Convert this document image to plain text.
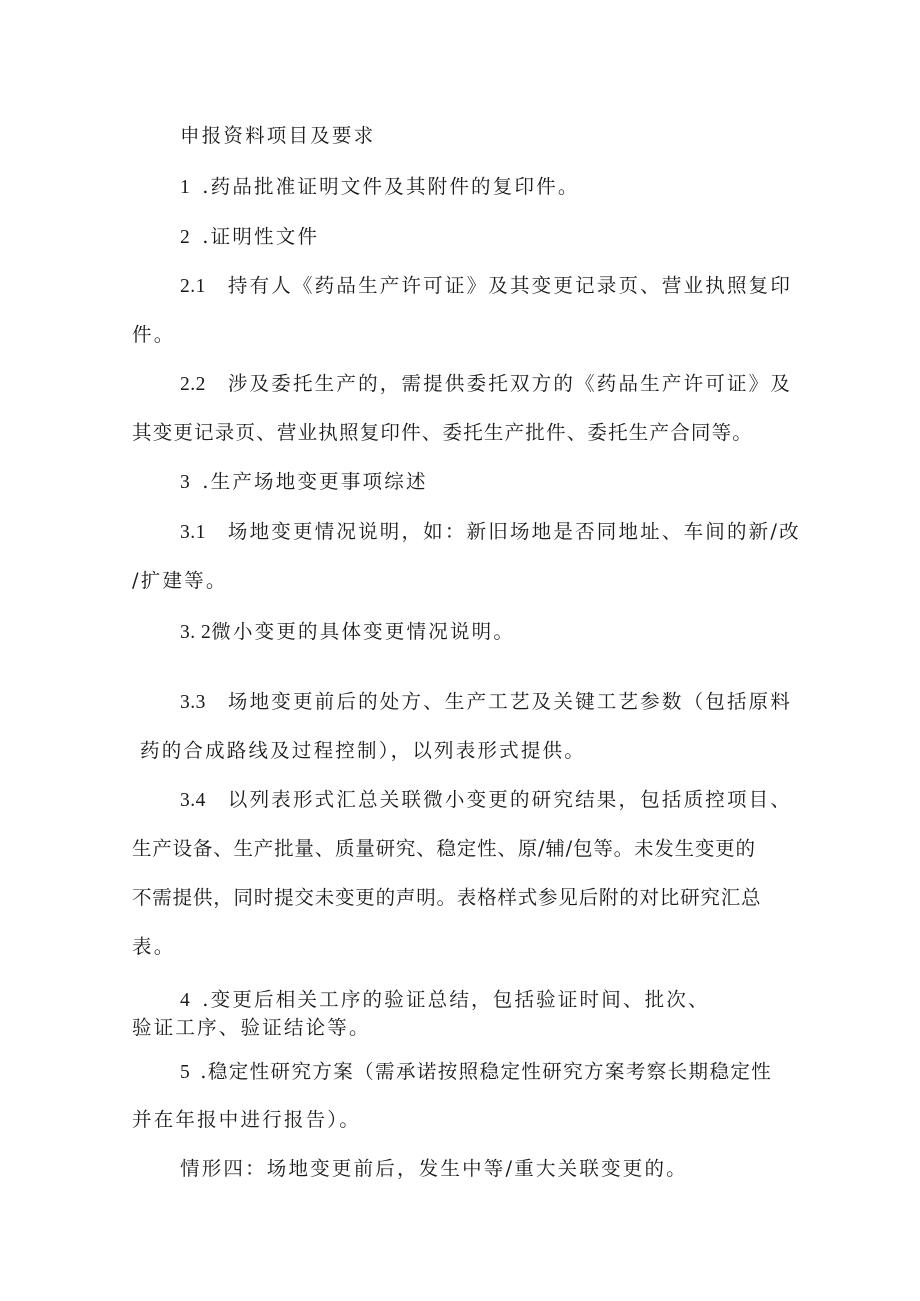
申报资料项目及要求
1 .药品批准证明文件及其附件的复印件。
2 .证明性文件
2.1 持有人《药品生产许可证》及其变更记录页、营业执照复印
件。
2.2 涉及委托生产的，需提供委托双方的《药品生产许可证》及
其变更记录页、营业执照复印件、委托生产批件、委托生产合同等。
3 .生产场地变更事项综述
3.1 场地变更情况说明，如：新旧场地是否同地址、车间的新/改
/扩建等。
3. 2微小变更的具体变更情况说明。
3.3 场地变更前后的处方、生产工艺及关键工艺参数（包括原料
药的合成路线及过程控制），以列表形式提供。
3.4 以列表形式汇总关联微小变更的研究结果，包括质控项目、
生产设备、生产批量、质量研究、稳定性、原/辅/包等。未发生变更的
不需提供，同时提交未变更的声明。表格样式参见后附的对比研究汇总
表。
4 .变更后相关工序的验证总结，包括验证时间、批次、
验证工序、验证结论等。
5 .稳定性研究方案（需承诺按照稳定性研究方案考察长期稳定性
并在年报中进行报告）。
情形四：场地变更前后，发生中等/重大关联变更的。
